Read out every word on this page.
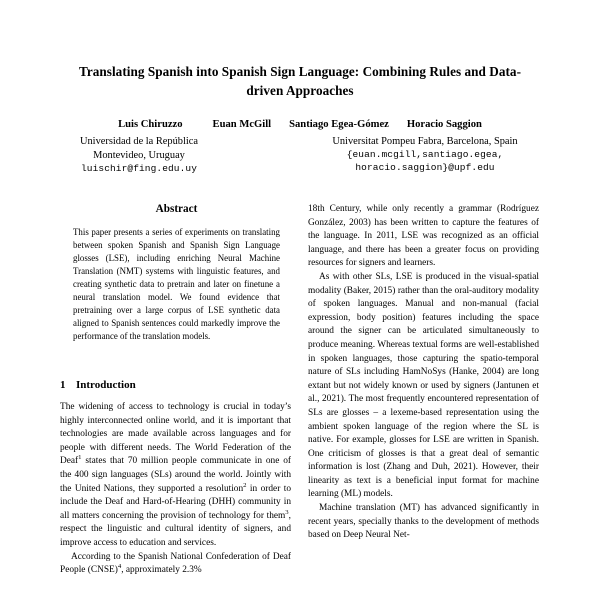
Translating Spanish into Spanish Sign Language: Combining Rules and Data-driven Approaches
Luis Chiruzzo	Euan McGill Santiago Egea-Gómez Horacio Saggion
Universidad de la República
Montevideo, Uruguay
luischir@fing.edu.uy
Universitat Pompeu Fabra, Barcelona, Spain
{euan.mcgill,santiago.egea,
horacio.saggion}@upf.edu
Abstract

This paper presents a series of experiments on translating between spoken Spanish and Spanish Sign Language glosses (LSE), including enriching Neural Machine Translation (NMT) systems with linguistic features, and creating synthetic data to pretrain and later on finetune a neural translation model. We found evidence that pretraining over a large corpus of LSE synthetic data aligned to Spanish sentences could markedly improve the performance of the translation models.

1 Introduction

The widening of access to technology is crucial in today’s highly interconnected online world, and it is important that technologies are made available across languages and for people with different needs. The World Federation of the Deaf$^1$ states that 70 million people communicate in one of the 400 sign languages (SLs) around the world. Jointly with the United Nations, they supported a resolution$^2$ in order to include the Deaf and Hard-of-Hearing (DHH) community in all matters concerning the provision of technology for them$^3$, respect the linguistic and cultural identity of signers, and improve access to education and services.

According to the Spanish National Confederation of Deaf People (CNSE)$^4$, approximately 2.3%

18th Century, while only recently a grammar (Rodríguez González, 2003) has been written to capture the features of the language. In 2011, LSE was recognized as an official language, and there has been a greater focus on providing resources for signers and learners.

As with other SLs, LSE is produced in the visual-spatial modality (Baker, 2015) rather than the oral-auditory modality of spoken languages. Manual and non-manual (facial expression, body position) features including the space around the signer can be articulated simultaneously to produce meaning. Whereas textual forms are well-established in spoken languages, those capturing the spatio-temporal nature of SLs including HamNoSys (Hanke, 2004) are long extant but not widely known or used by signers (Jantunen et al., 2021). The most frequently encountered representation of SLs are glosses – a lexeme-based representation using the ambient spoken language of the region where the SL is native. For example, glosses for LSE are written in Spanish. One criticism of glosses is that a great deal of semantic information is lost (Zhang and Duh, 2021). However, their linearity as text is a beneficial input format for machine learning (ML) models.

Machine translation (MT) has advanced significantly in recent years, specially thanks to the development of methods based on Deep Neural Net-
